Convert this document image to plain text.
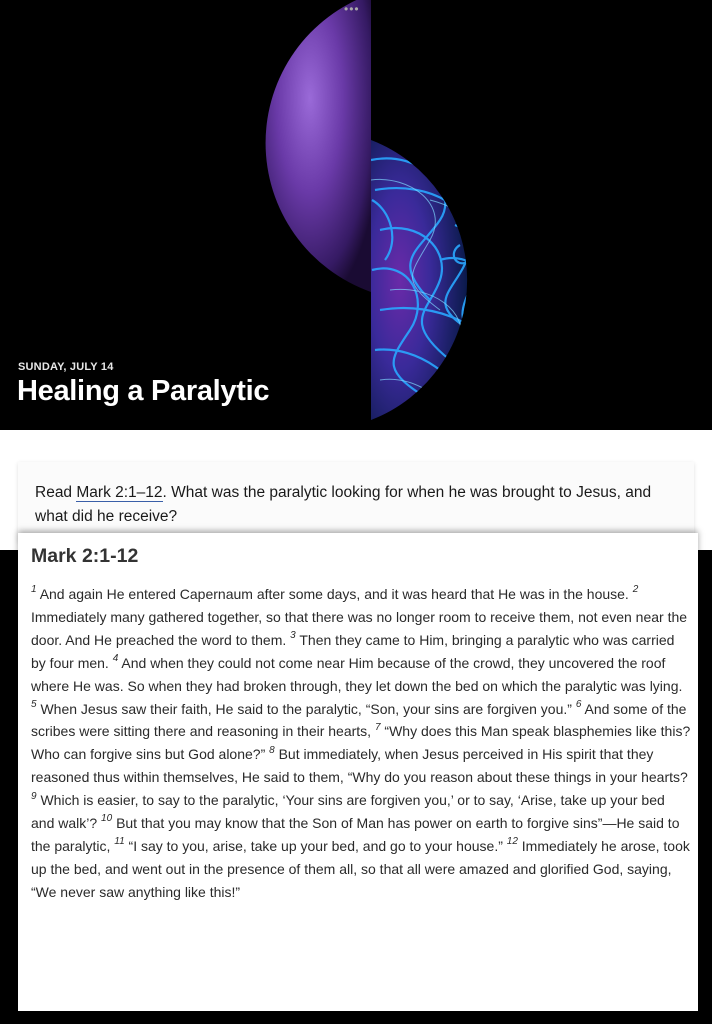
•••
SUNDAY, JULY 14
Healing a Paralytic
Read Mark 2:1–12. What was the paralytic looking for when he was brought to Jesus, and what did he receive?
Mark 2:1-12
$^1$ And again He entered Capernaum after some days, and it was heard that He was in the house. $^2$ Immediately many gathered together, so that there was no longer room to receive them, not even near the door. And He preached the word to them. $^3$ Then they came to Him, bringing a paralytic who was carried by four men. $^4$ And when they could not come near Him because of the crowd, they uncovered the roof where He was. So when they had broken through, they let down the bed on which the paralytic was lying. $^5$ When Jesus saw their faith, He said to the paralytic, “Son, your sins are forgiven you.” $^6$ And some of the scribes were sitting there and reasoning in their hearts, $^7$ “Why does this Man speak blasphemies like this? Who can forgive sins but God alone?” $^8$ But immediately, when Jesus perceived in His spirit that they reasoned thus within themselves, He said to them, “Why do you reason about these things in your hearts? $^9$ Which is easier, to say to the paralytic, ‘Your sins are forgiven you,’ or to say, ‘Arise, take up your bed and walk’? $^{10}$ But that you may know that the Son of Man has power on earth to forgive sins”—He said to the paralytic, $^{11}$ “I say to you, arise, take up your bed, and go to your house.” $^{12}$ Immediately he arose, took up the bed, and went out in the presence of them all, so that all were amazed and glorified God, saying, “We never saw anything like this!”
